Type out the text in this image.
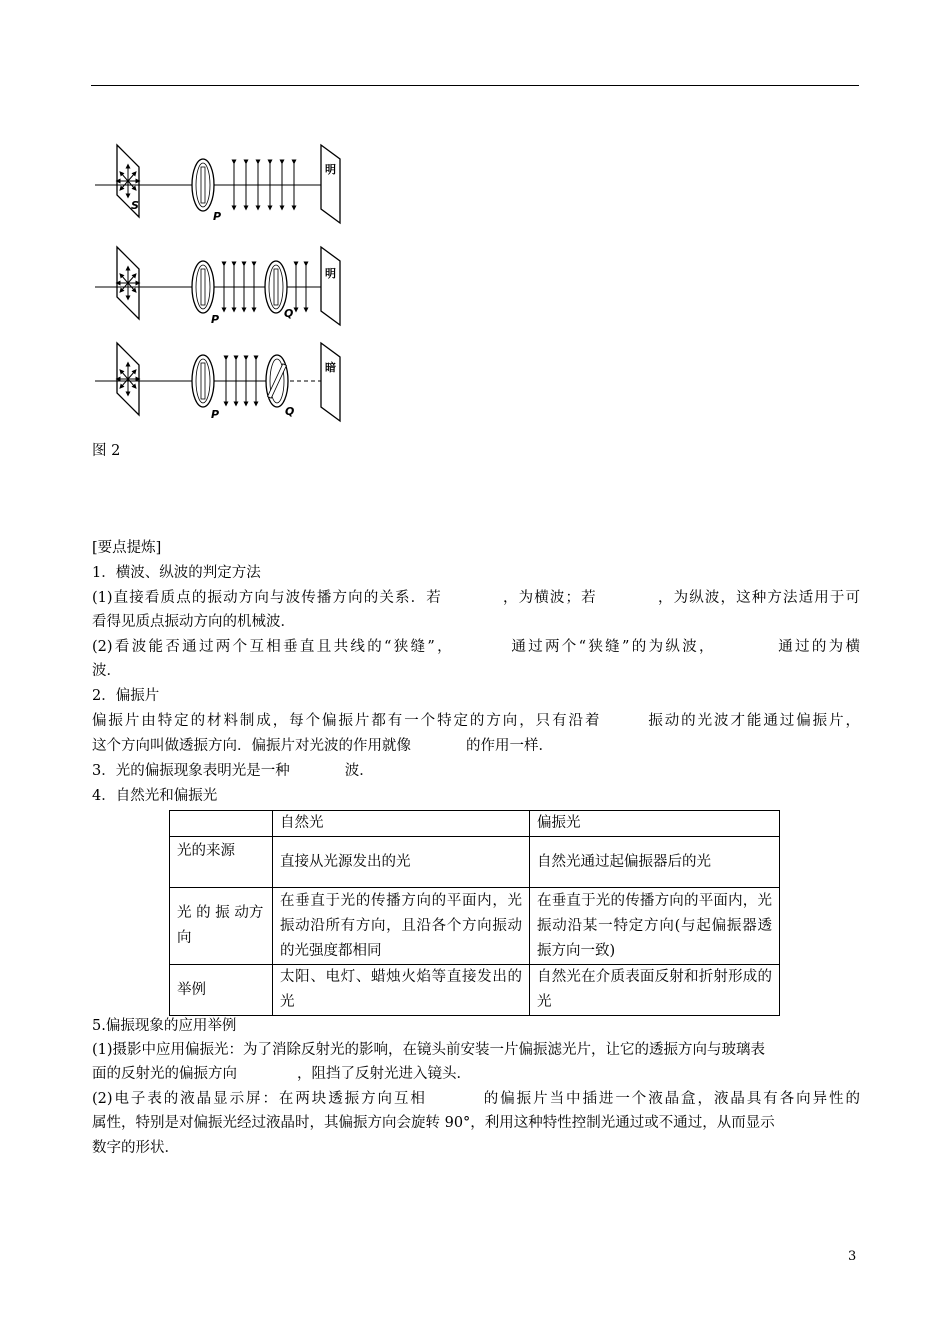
S
P
明
P	Q
明
P	Q
暗
图 2
[要点提炼]
1．横波、纵波的判定方法
(1)直接看质点的振动方向与波传播方向的关系．若	，为横波；若	，为纵波，这种方法适用于可
看得见质点振动方向的机械波．
(2)看波能否通过两个互相垂直且共线的“狭缝”，	通过两个“狭缝”的为纵波，	通过的为横
波．
2．偏振片
偏振片由特定的材料制成，每个偏振片都有一个特定的方向，只有沿着	振动的光波才能通过偏振片，
这个方向叫做透振方向．偏振片对光波的作用就像	的作用一样．
3．光的偏振现象表明光是一种	波．
4．自然光和偏振光
	自然光	偏振光
光的来源	直接从光源发出的光	自然光通过起偏振器后的光
光 的 振 动方向	在垂直于光的传播方向的平面内，光振动沿所有方向，且沿各个方向振动的光强度都相同	在垂直于光的传播方向的平面内，光振动沿某一特定方向(与起偏振器透振方向一致)
举例	太阳、电灯、蜡烛火焰等直接发出的光	自然光在介质表面反射和折射形成的光
5.偏振现象的应用举例
(1)摄影中应用偏振光：为了消除反射光的影响，在镜头前安装一片偏振滤光片，让它的透振方向与玻璃表
面的反射光的偏振方向	，阻挡了反射光进入镜头．
(2)电子表的液晶显示屏：在两块透振方向互相	的偏振片当中插进一个液晶盒，液晶具有各向异性的
属性，特别是对偏振光经过液晶时，其偏振方向会旋转 90°，利用这种特性控制光通过或不通过，从而显示
数字的形状．
3
